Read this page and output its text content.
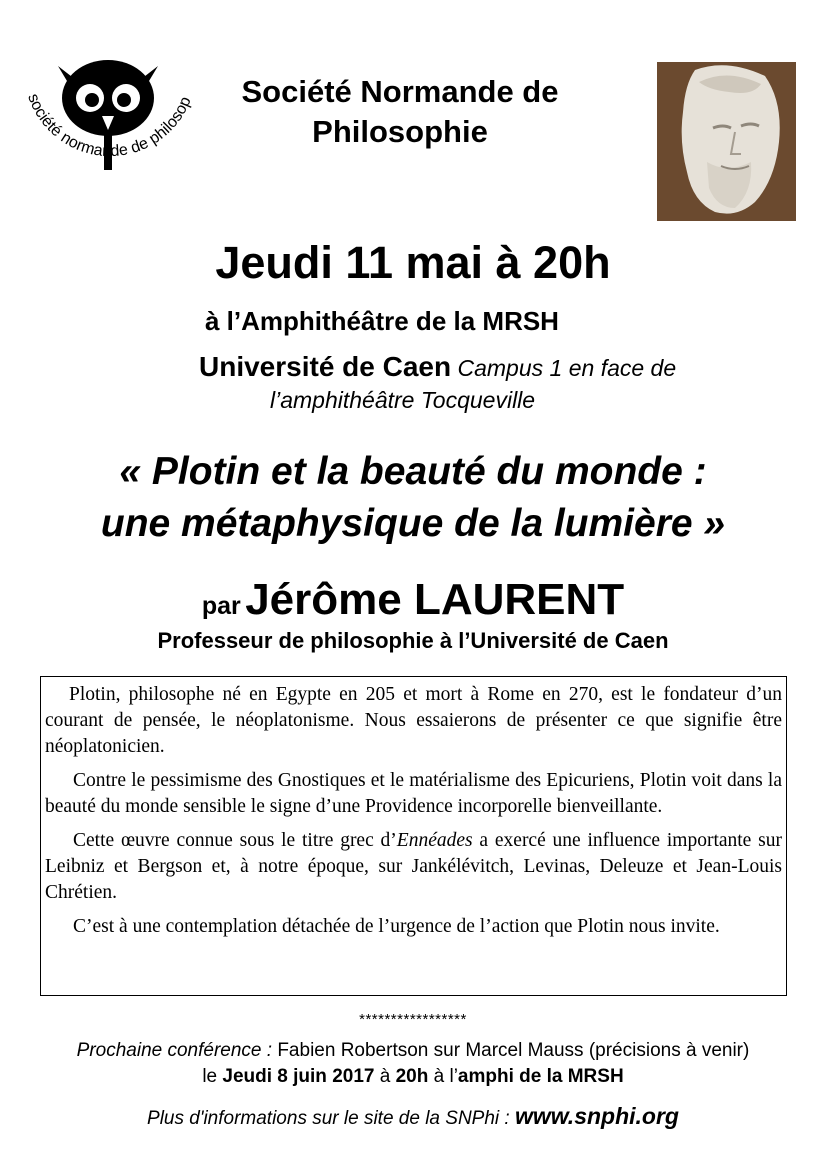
société normande de philosop	Société Normande de
Philosophie
Jeudi 11 mai à 20h
à l’Amphithéâtre de la MRSH
Université de Caen Campus 1 en face de
l’amphithéâtre Tocqueville
« Plotin et la beauté du monde :
une métaphysique de la lumière »
par Jérôme LAURENT
Professeur de philosophie à l’Université de Caen

Plotin, philosophe né en Egypte en 205 et mort à Rome en 270, est le fondateur d’un courant de pensée, le néoplatonisme. Nous essaierons de présenter ce que signifie être néoplatonicien.

Contre le pessimisme des Gnostiques et le matérialisme des Epicuriens, Plotin voit dans la beauté du monde sensible le signe d’une Providence incorporelle bienveillante.

Cette œuvre connue sous le titre grec d’Ennéades a exercé une influence importante sur Leibniz et Bergson et, à notre époque, sur Jankélévitch, Levinas, Deleuze et Jean-Louis Chrétien.

C’est à une contemplation détachée de l’urgence de l’action que Plotin nous invite.

*****************
Prochaine conférence : Fabien Robertson sur Marcel Mauss (précisions à venir)
le Jeudi 8 juin 2017 à 20h à l’amphi de la MRSH
Plus d'informations sur le site de la SNPhi : www.snphi.org
